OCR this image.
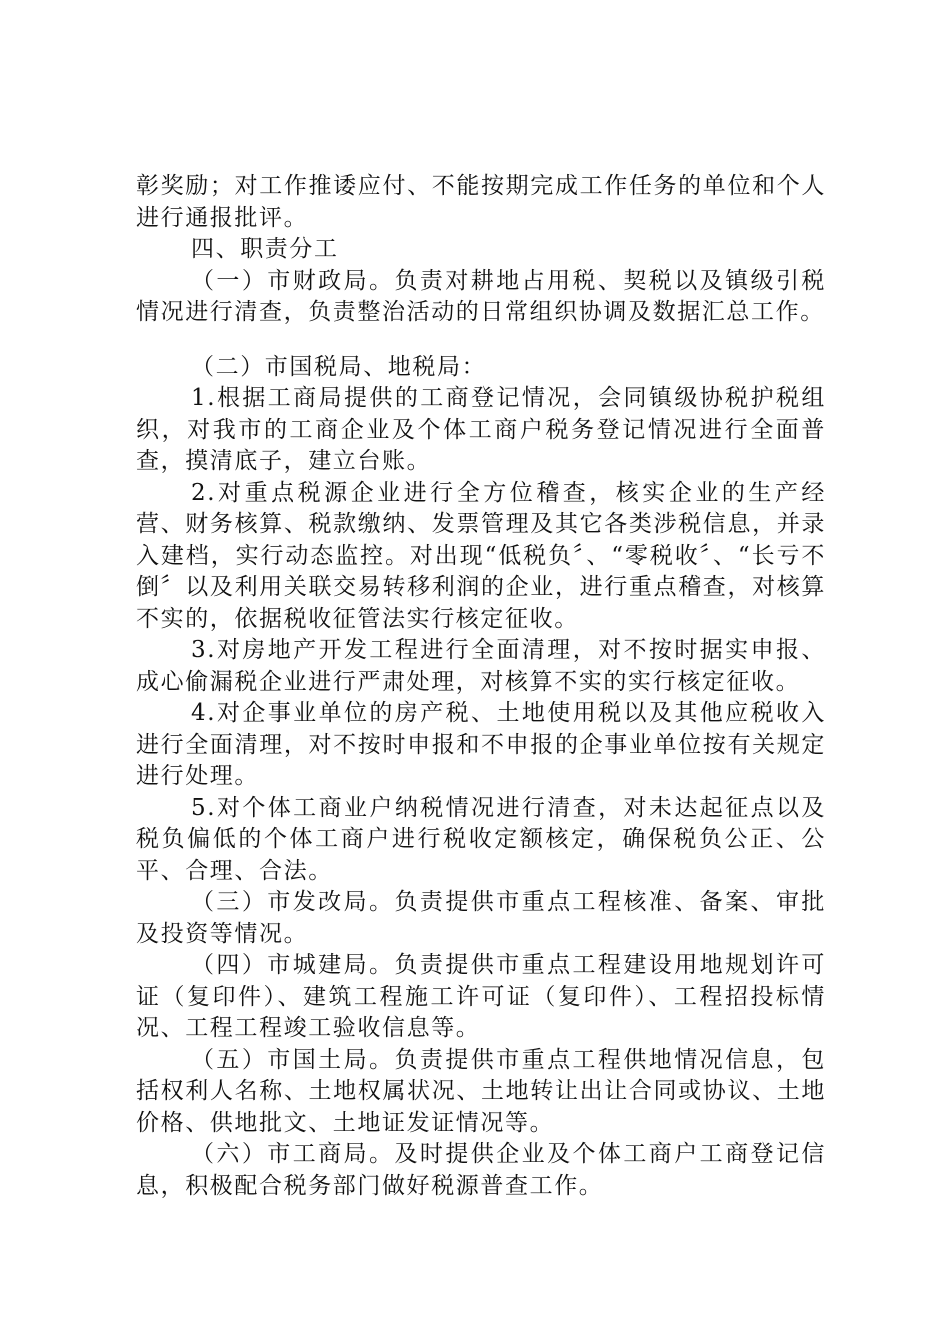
彰奖励；对工作推诿应付、不能按期完成工作任务的单位和个人进行通报批评。

四、职责分工

（一）市财政局。负责对耕地占用税、契税以及镇级引税情况进行清查，负责整治活动的日常组织协调及数据汇总工作。

（二）市国税局、地税局：

1.根据工商局提供的工商登记情况，会同镇级协税护税组织，对我市的工商企业及个体工商户税务登记情况进行全面普查，摸清底子，建立台账。

2.对重点税源企业进行全方位稽查，核实企业的生产经营、财务核算、税款缴纳、发票管理及其它各类涉税信息，并录入建档，实行动态监控。对出现“低税负〞、“零税收〞、“长亏不倒〞以及利用关联交易转移利润的企业，进行重点稽查，对核算不实的，依据税收征管法实行核定征收。

3.对房地产开发工程进行全面清理，对不按时据实申报、成心偷漏税企业进行严肃处理，对核算不实的实行核定征收。

4.对企事业单位的房产税、土地使用税以及其他应税收入进行全面清理，对不按时申报和不申报的企事业单位按有关规定进行处理。

5.对个体工商业户纳税情况进行清查，对未达起征点以及税负偏低的个体工商户进行税收定额核定，确保税负公正、公平、合理、合法。

（三）市发改局。负责提供市重点工程核准、备案、审批及投资等情况。

（四）市城建局。负责提供市重点工程建设用地规划许可证（复印件）、建筑工程施工许可证（复印件）、工程招投标情况、工程工程竣工验收信息等。

（五）市国土局。负责提供市重点工程供地情况信息，包括权利人名称、土地权属状况、土地转让出让合同或协议、土地价格、供地批文、土地证发证情况等。

（六）市工商局。及时提供企业及个体工商户工商登记信息，积极配合税务部门做好税源普查工作。
